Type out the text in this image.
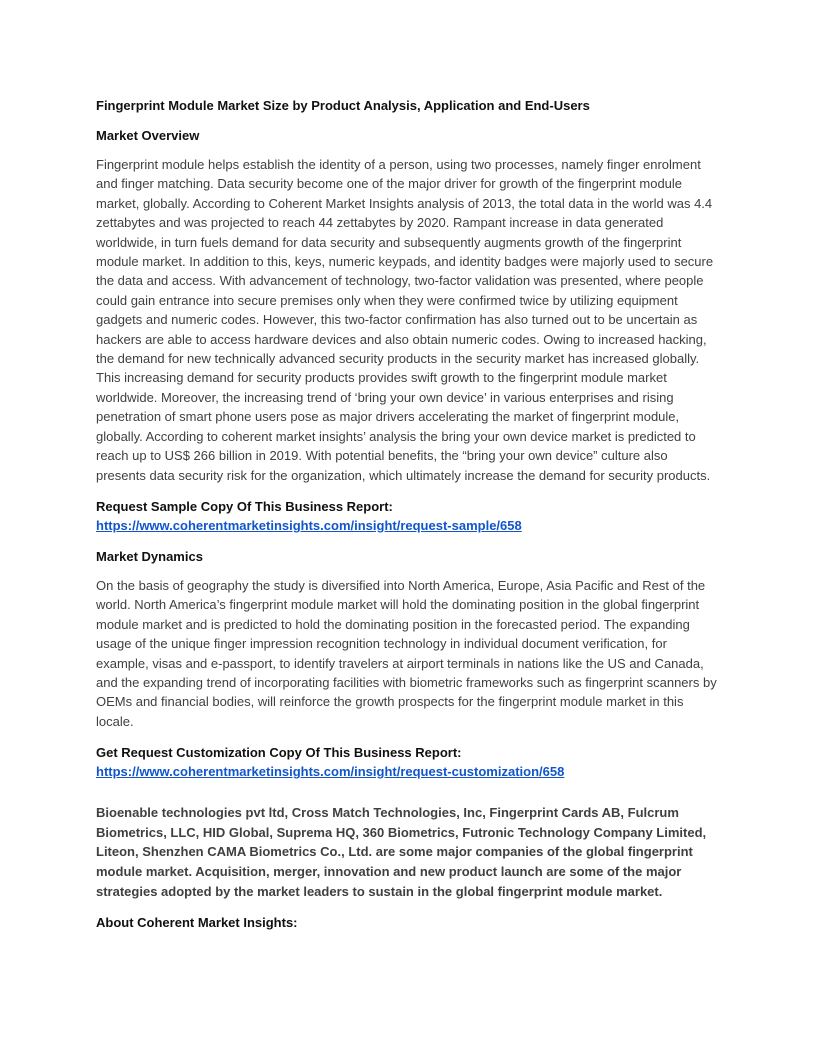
Fingerprint Module Market Size by Product Analysis, Application and End-Users

Market Overview

Fingerprint module helps establish the identity of a person, using two processes, namely finger enrolment and finger matching. Data security become one of the major driver for growth of the fingerprint module market, globally. According to Coherent Market Insights analysis of 2013, the total data in the world was 4.4 zettabytes and was projected to reach 44 zettabytes by 2020. Rampant increase in data generated worldwide, in turn fuels demand for data security and subsequently augments growth of the fingerprint module market. In addition to this, keys, numeric keypads, and identity badges were majorly used to secure the data and access. With advancement of technology, two-factor validation was presented, where people could gain entrance into secure premises only when they were confirmed twice by utilizing equipment gadgets and numeric codes. However, this two-factor confirmation has also turned out to be uncertain as hackers are able to access hardware devices and also obtain numeric codes. Owing to increased hacking, the demand for new technically advanced security products in the security market has increased globally. This increasing demand for security products provides swift growth to the fingerprint module market worldwide. Moreover, the increasing trend of ‘bring your own device’ in various enterprises and rising penetration of smart phone users pose as major drivers accelerating the market of fingerprint module, globally. According to coherent market insights’ analysis the bring your own device market is predicted to reach up to US$ 266 billion in 2019. With potential benefits, the “bring your own device” culture also presents data security risk for the organization, which ultimately increase the demand for security products.

Request Sample Copy Of This Business Report:

https://www.coherentmarketinsights.com/insight/request-sample/658

Market Dynamics

On the basis of geography the study is diversified into North America, Europe, Asia Pacific and Rest of the world. North America’s fingerprint module market will hold the dominating position in the global fingerprint module market and is predicted to hold the dominating position in the forecasted period. The expanding usage of the unique finger impression recognition technology in individual document verification, for example, visas and e-passport, to identify travelers at airport terminals in nations like the US and Canada, and the expanding trend of incorporating facilities with biometric frameworks such as fingerprint scanners by OEMs and financial bodies, will reinforce the growth prospects for the fingerprint module market in this locale.

Get Request Customization Copy Of This Business Report:

https://www.coherentmarketinsights.com/insight/request-customization/658

Bioenable technologies pvt ltd, Cross Match Technologies, Inc, Fingerprint Cards AB, Fulcrum Biometrics, LLC, HID Global, Suprema HQ, 360 Biometrics, Futronic Technology Company Limited, Liteon, Shenzhen CAMA Biometrics Co., Ltd. are some major companies of the global fingerprint module market. Acquisition, merger, innovation and new product launch are some of the major strategies adopted by the market leaders to sustain in the global fingerprint module market.

About Coherent Market Insights:
